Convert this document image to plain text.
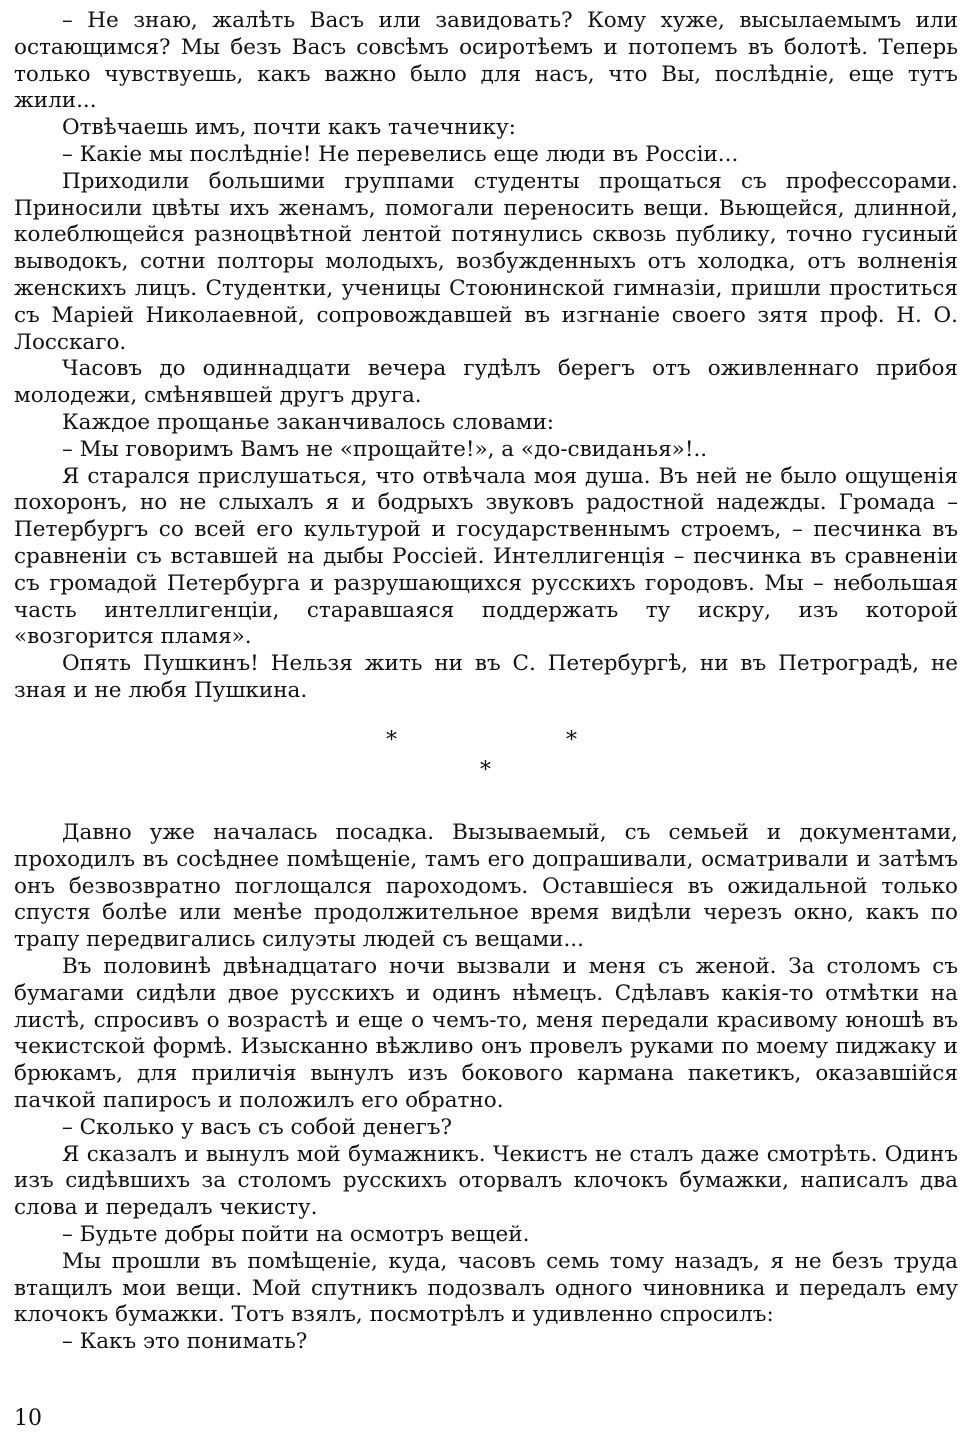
– Не знаю, жалѣть Васъ или завидовать? Кому хуже, высылаемымъ или остающимся? Мы безъ Васъ совсѣмъ осиротѣемъ и потопемъ въ болотѣ. Теперь только чувствуешь, какъ важно было для насъ, что Вы, послѣдніе, еще тутъ жили...

Отвѣчаешь имъ, почти какъ тачечнику:

– Какіе мы послѣдніе! Не перевелись еще люди въ Россіи...

Приходили большими группами студенты прощаться съ профессорами. Приносили цвѣты ихъ женамъ, помогали переносить вещи. Вьющейся, длинной, колеблющейся разноцвѣтной лентой потянулись сквозь публику, точно гусиный выводокъ, сотни полторы молодыхъ, возбужденныхъ отъ холодка, отъ волненія женскихъ лицъ. Студентки, ученицы Стоюнинской гимназіи, пришли проститься съ Маріей Николаевной, сопровождавшей въ изгнаніе своего зятя проф. Н. О. Лосскаго.

Часовъ до одиннадцати вечера гудѣлъ берегъ отъ оживленнаго прибоя молодежи, смѣнявшей другъ друга.

Каждое прощанье заканчивалось словами:

– Мы говоримъ Вамъ не «прощайте!», а «до-свиданья»!..

Я старался прислушаться, что отвѣчала моя душа. Въ ней не было ощущенія похоронъ, но не слыхалъ я и бодрыхъ звуковъ радостной надежды. Громада – Петербургъ со всей его культурой и государственнымъ строемъ, – песчинка въ сравненіи съ вставшей на дыбы Россіей. Интеллигенція – песчинка въ сравненіи съ громадой Петербурга и разрушающихся русскихъ городовъ. Мы – небольшая часть интеллигенціи, старавшаяся поддержать ту искру, изъ которой «возгорится пламя».

Опять Пушкинъ! Нельзя жить ни въ С. Петербургѣ, ни въ Петроградѣ, не зная и не любя Пушкина.

*	*
*

Давно уже началась посадка. Вызываемый, съ семьей и документами, проходилъ въ сосѣднее помѣщеніе, тамъ его допрашивали, осматривали и затѣмъ онъ безвозвратно поглощался пароходомъ. Оставшіеся въ ожидальной только спустя болѣе или менѣе продолжительное время видѣли черезъ окно, какъ по трапу передвигались силуэты людей съ вещами...

Въ половинѣ двѣнадцатаго ночи вызвали и меня съ женой. За столомъ съ бумагами сидѣли двое русскихъ и одинъ нѣмецъ. Сдѣлавъ какія-то отмѣтки на листѣ, спросивъ о возрастѣ и еще о чемъ-то, меня передали красивому юношѣ въ чекистской формѣ. Изысканно вѣжливо онъ провелъ руками по моему пиджаку и брюкамъ, для приличія вынулъ изъ бокового кармана пакетикъ, оказавшійся пачкой папиросъ и положилъ его обратно.

– Сколько у васъ съ собой денегъ?

Я сказалъ и вынулъ мой бумажникъ. Чекистъ не сталъ даже смотрѣть. Одинъ изъ сидѣвшихъ за столомъ русскихъ оторвалъ клочокъ бумажки, написалъ два слова и передалъ чекисту.

– Будьте добры пойти на осмотръ вещей.

Мы прошли въ помѣщеніе, куда, часовъ семь тому назадъ, я не безъ труда втащилъ мои вещи. Мой спутникъ подозвалъ одного чиновника и передалъ ему клочокъ бумажки. Тотъ взялъ, посмотрѣлъ и удивленно спросилъ:

– Какъ это понимать?

10
